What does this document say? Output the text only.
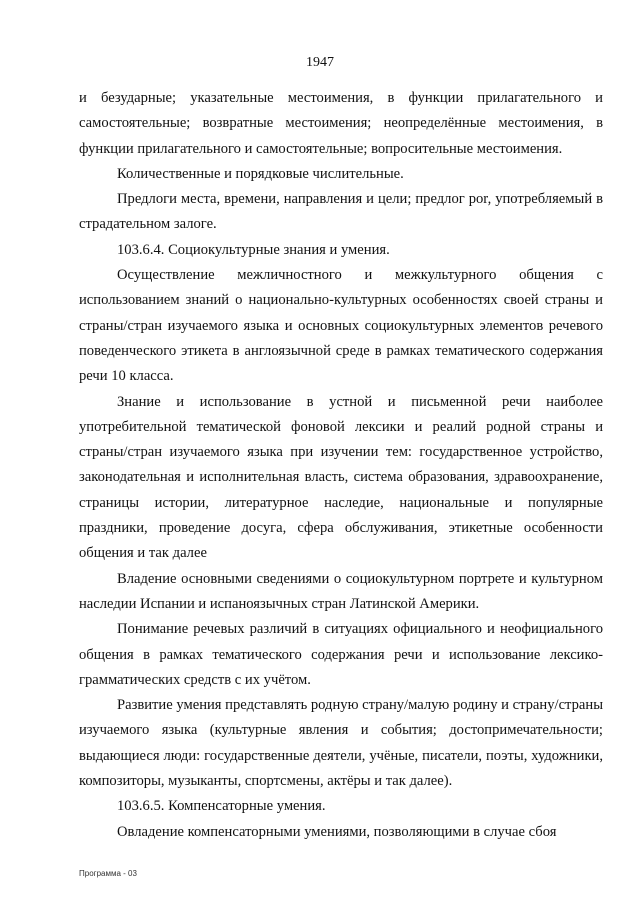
1947

и безударные; указательные местоимения, в функции прилагательного и самостоятельные; возвратные местоимения; неопределённые местоимения, в функции прилагательного и самостоятельные; вопросительные местоимения.

Количественные и порядковые числительные.

Предлоги места, времени, направления и цели; предлог por, употребляемый в страдательном залоге.

103.6.4. Социокультурные знания и умения.

Осуществление межличностного и межкультурного общения с использованием знаний о национально-культурных особенностях своей страны и страны/стран изучаемого языка и основных социокультурных элементов речевого поведенческого этикета в англоязычной среде в рамках тематического содержания речи 10 класса.

Знание и использование в устной и письменной речи наиболее употребительной тематической фоновой лексики и реалий родной страны и страны/стран изучаемого языка при изучении тем: государственное устройство, законодательная и исполнительная власть, система образования, здравоохранение, страницы истории, литературное наследие, национальные и популярные праздники, проведение досуга, сфера обслуживания, этикетные особенности общения и так далее

Владение основными сведениями о социокультурном портрете и культурном наследии Испании и испаноязычных стран Латинской Америки.

Понимание речевых различий в ситуациях официального и неофициального общения в рамках тематического содержания речи и использование лексико-грамматических средств с их учётом.

Развитие умения представлять родную страну/малую родину и страну/страны изучаемого языка (культурные явления и события; достопримечательности; выдающиеся люди: государственные деятели, учёные, писатели, поэты, художники, композиторы, музыканты, спортсмены, актёры и так далее).

103.6.5. Компенсаторные умения.

Овладение компенсаторными умениями, позволяющими в случае сбоя

Программа - 03
